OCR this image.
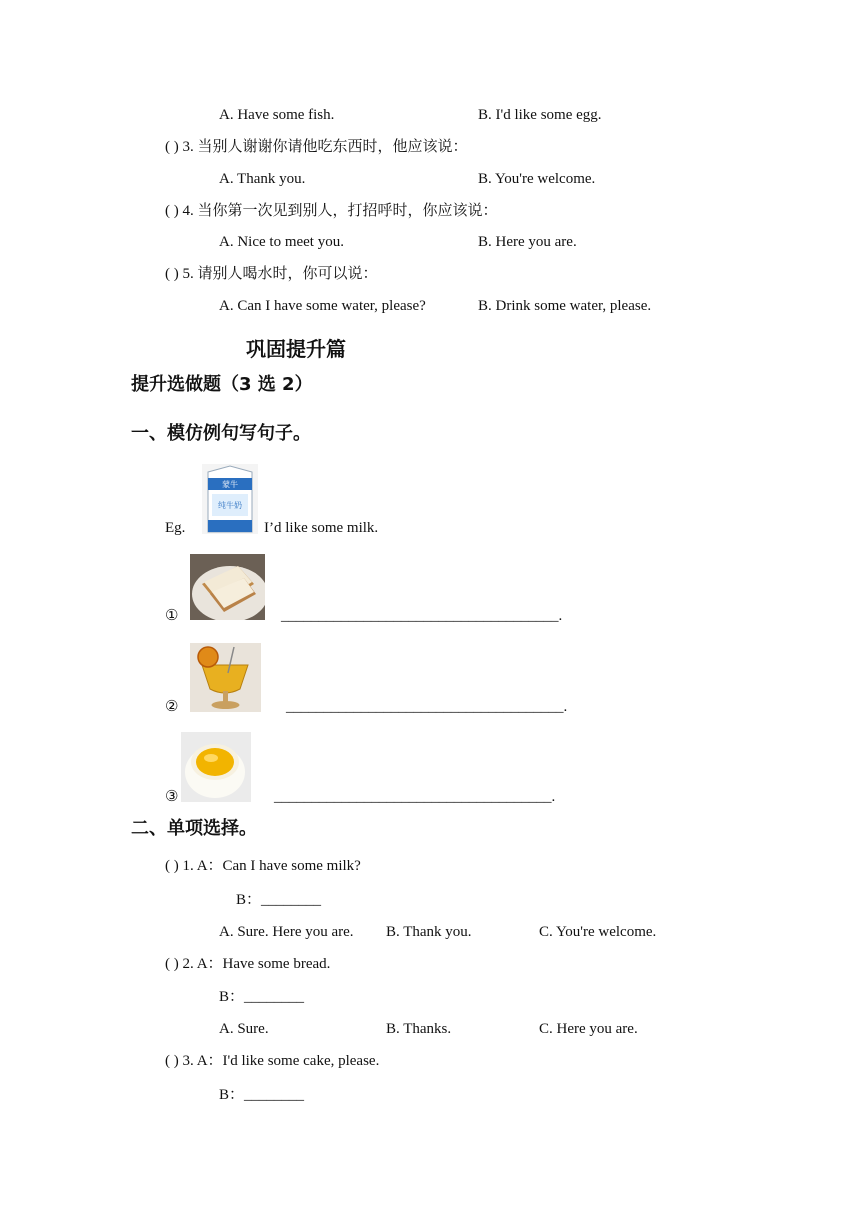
A. Have some fish.	B. I'd like some egg.
( ) 3. 当别人谢谢你请他吃东西时，他应该说：
A. Thank you.	B. You're welcome.
( ) 4. 当你第一次见到别人，打招呼时，你应该说：
A. Nice to meet you.	B. Here you are.
( ) 5. 请别人喝水时，你可以说：
A. Can I have some water, please?	B. Drink some water, please.
巩固提升篇
提升选做题（3 选 2）
一、模仿例句写句子。
Eg.
蒙牛
纯牛奶
I’d like some milk.
①	_____________________________________.
②	_____________________________________.
③	_____________________________________.
二、单项选择。
( ) 1. A：Can I have some milk?
B：________
A. Sure. Here you are. B. Thank you.	C. You're welcome.
( ) 2. A：Have some bread.
B：________
A. Sure.	B. Thanks.	C. Here you are.
( ) 3. A：I'd like some cake, please.
B：________
